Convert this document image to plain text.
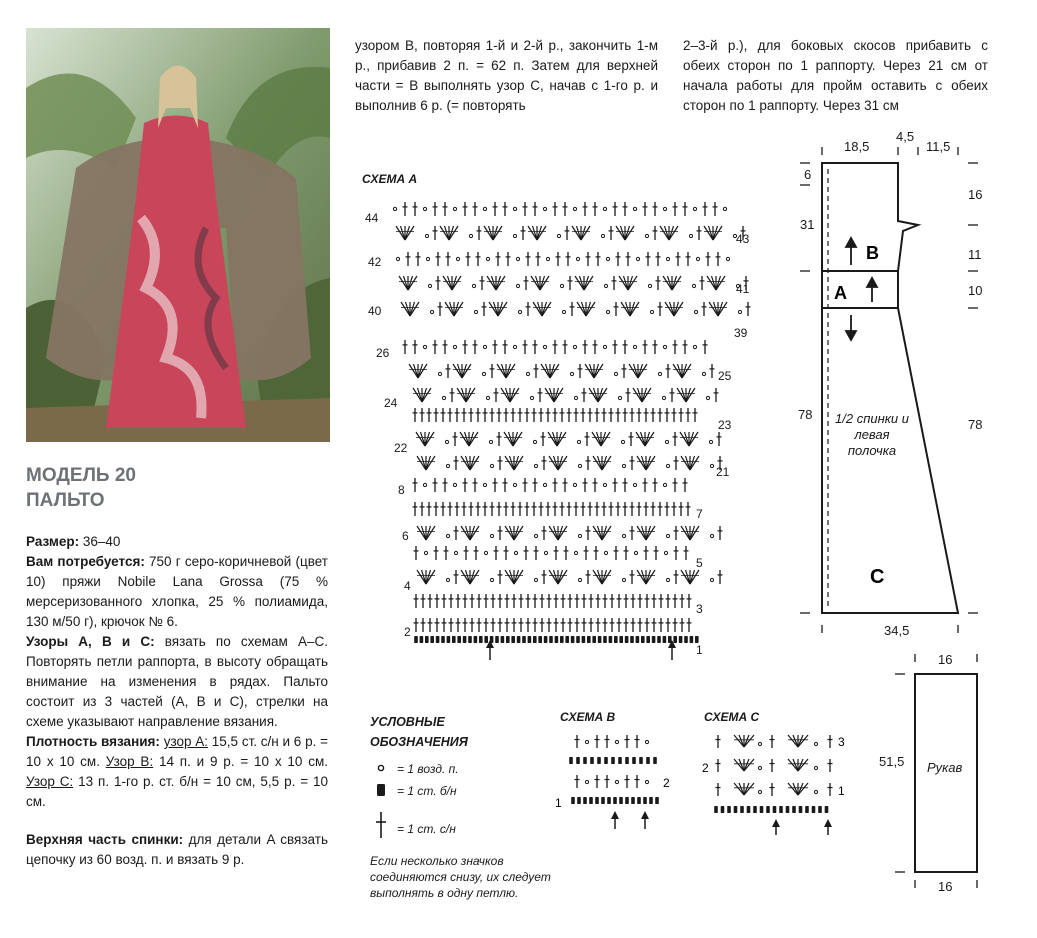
МОДЕЛЬ 20
ПАЛЬТО

Размер: 36–40

Вам потребуется: 750 г серо-коричневой (цвет 10) пряжи Nobile Lana Grossa (75 % мерсеризованного хлопка, 25 % полиамида, 130 м/50 г), крючок № 6.

Узоры A, B и C: вязать по схемам A–C. Повторять петли раппорта, в высоту обращать внимание на изменения в рядах. Пальто состоит из 3 частей (A, B и C), стрелки на схеме указывают направление вязания.

Плотность вязания: узор A: 15,5 ст. с/н и 6 р. = 10 x 10 см. Узор B: 14 п. и 9 р. = 10 x 10 см. Узор C: 13 п. 1-го р. ст. б/н = 10 см, 5,5 р. = 10 см.

Верхняя часть спинки: для детали A связать цепочку из 60 возд. п. и вязать 9 р.

узором B, повторяя 1-й и 2-й р., закончить 1-м р., прибавив 2 п. = 62 п. Затем для верхней части = B выполнять узор C, начав с 1-го р. и выполнив 6 р. (= повторять
2–3-й р.), для боковых скосов прибавить с обеих сторон по 1 раппорту. Через 21 см от начала работы для пройм оставить с обеих сторон по 1 раппорту. Через 31 см
СХЕМА A
44
42
40
26
24
22
8
6
4
2
43
41
39
25
23
21
7
5
3
1
УСЛОВНЫЕ
ОБОЗНАЧЕНИЯ
= 1 возд. п.
= 1 ст. б/н
= 1 ст. с/н
Если несколько значков соединяются снизу, их следует выполнять в одну петлю.
СХЕМА B
1
2
СХЕМА C
1
2
3
B
A
C
18,5
4,5
11,5
6
31
78
16
11
10
78
34,5
1/2 спинки и левая полочка
16
51,5
16
Рукав
